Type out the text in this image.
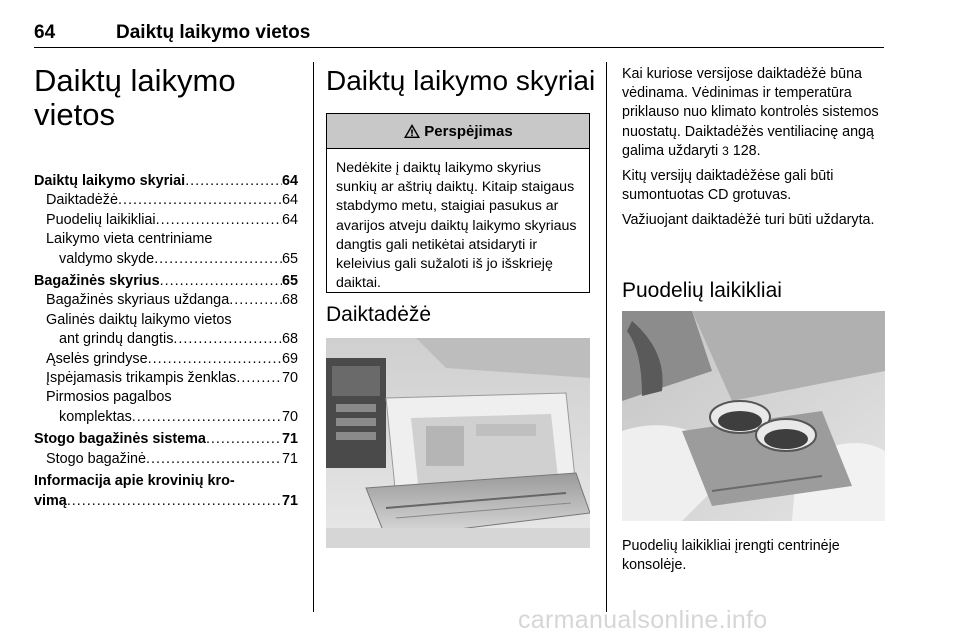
64	Daiktų laikymo vietos
Daiktų laikymo
vietos
Daiktų laikymo skyriai .....	64
Daiktadėžė .....	64
Puodelių laikikliai .....	64
Laikymo vieta centriniame
valdymo skyde .....	65
Bagažinės skyrius .....	65
Bagažinės skyriaus uždanga .....	68
Galinės daiktų laikymo vietos
ant grindų dangtis .....	68
Ąselės grindyse .....	69
Įspėjamasis trikampis ženklas .....	70
Pirmosios pagalbos
komplektas .....	70
Stogo bagažinės sistema .....	71
Stogo bagažinė .....	71
Informacija apie krovinių kro-
vimą .....	71
Daiktų laikymo skyriai
Perspėjimas
Nedėkite į daiktų laikymo skyrius sunkių ar aštrių daiktų. Kitaip staigaus stabdymo metu, staigiai pasukus ar avarijos atveju daiktų laikymo skyriaus dangtis gali netikėtai atsidaryti ir keleivius gali sužaloti iš jo išskrieję daiktai.
Daiktadėžė

Kai kuriose versijose daiktadėžė būna vėdinama. Vėdinimas ir temperatūra priklauso nuo klimato kontrolės sistemos nuostatų. Daiktadėžės ventiliacinę angą galima uždaryti 3 128.

Kitų versijų daiktadėžėse gali būti sumontuotas CD grotuvas.

Važiuojant daiktadėžė turi būti uždaryta.

Puodelių laikikliai
Puodelių laikikliai įrengti centrinėje konsolėje.
carmanualsonline.info
